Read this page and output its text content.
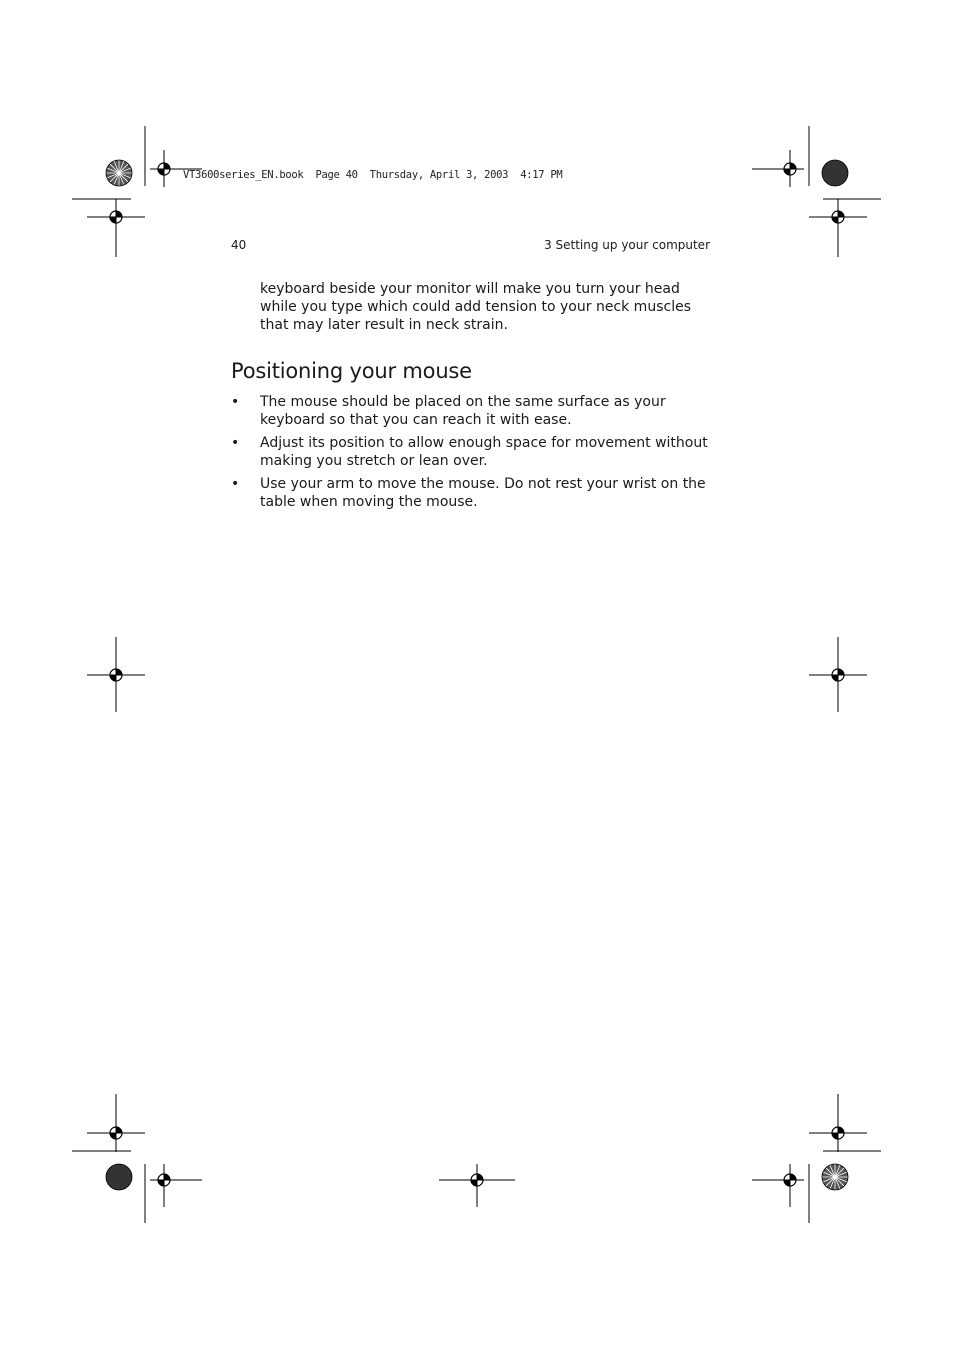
VT3600series_EN.book  Page 40  Thursday, April 3, 2003  4:17 PM
40	3 Setting up your computer

keyboard beside your monitor will make you turn your head while you type which could add tension to your neck muscles that may later result in neck strain.

Positioning your mouse
• The mouse should be placed on the same surface as your keyboard so that you can reach it with ease.
• Adjust its position to allow enough space for movement without making you stretch or lean over.
• Use your arm to move the mouse. Do not rest your wrist on the table when moving the mouse.
